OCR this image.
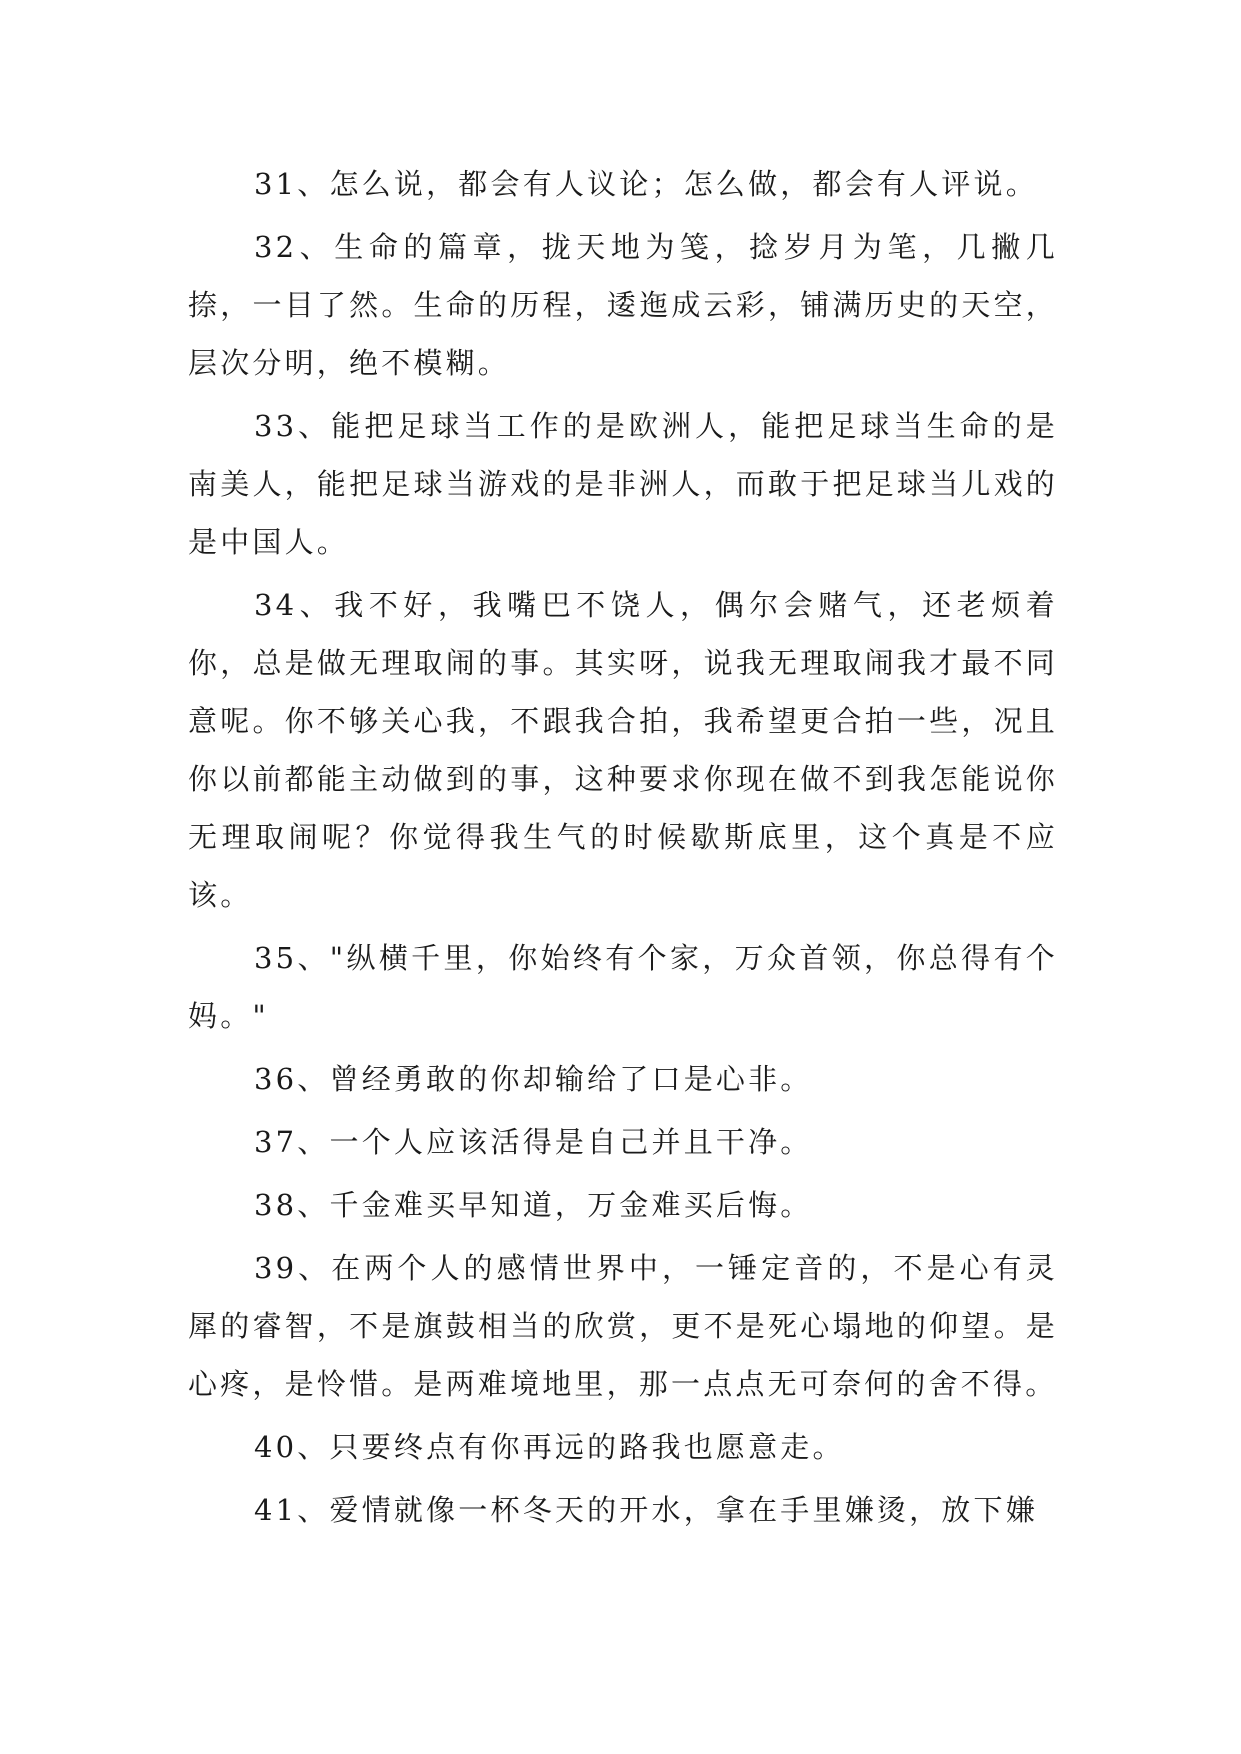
31、怎么说，都会有人议论；怎么做，都会有人评说。

32、生命的篇章，拢天地为笺，捻岁月为笔，几撇几捺，一目了然。生命的历程，逶迤成云彩，铺满历史的天空，层次分明，绝不模糊。

33、能把足球当工作的是欧洲人，能把足球当生命的是南美人，能把足球当游戏的是非洲人，而敢于把足球当儿戏的是中国人。

34、我不好，我嘴巴不饶人，偶尔会赌气，还老烦着你，总是做无理取闹的事。其实呀，说我无理取闹我才最不同意呢。你不够关心我，不跟我合拍，我希望更合拍一些，况且你以前都能主动做到的事，这种要求你现在做不到我怎能说你无理取闹呢？你觉得我生气的时候歇斯底里，这个真是不应该。

35、"纵横千里，你始终有个家，万众首领，你总得有个妈。"

36、曾经勇敢的你却输给了口是心非。

37、一个人应该活得是自己并且干净。

38、千金难买早知道，万金难买后悔。

39、在两个人的感情世界中，一锤定音的，不是心有灵犀的睿智，不是旗鼓相当的欣赏，更不是死心塌地的仰望。是心疼，是怜惜。是两难境地里，那一点点无可奈何的舍不得。

40、只要终点有你再远的路我也愿意走。

41、爱情就像一杯冬天的开水，拿在手里嫌烫，放下嫌
